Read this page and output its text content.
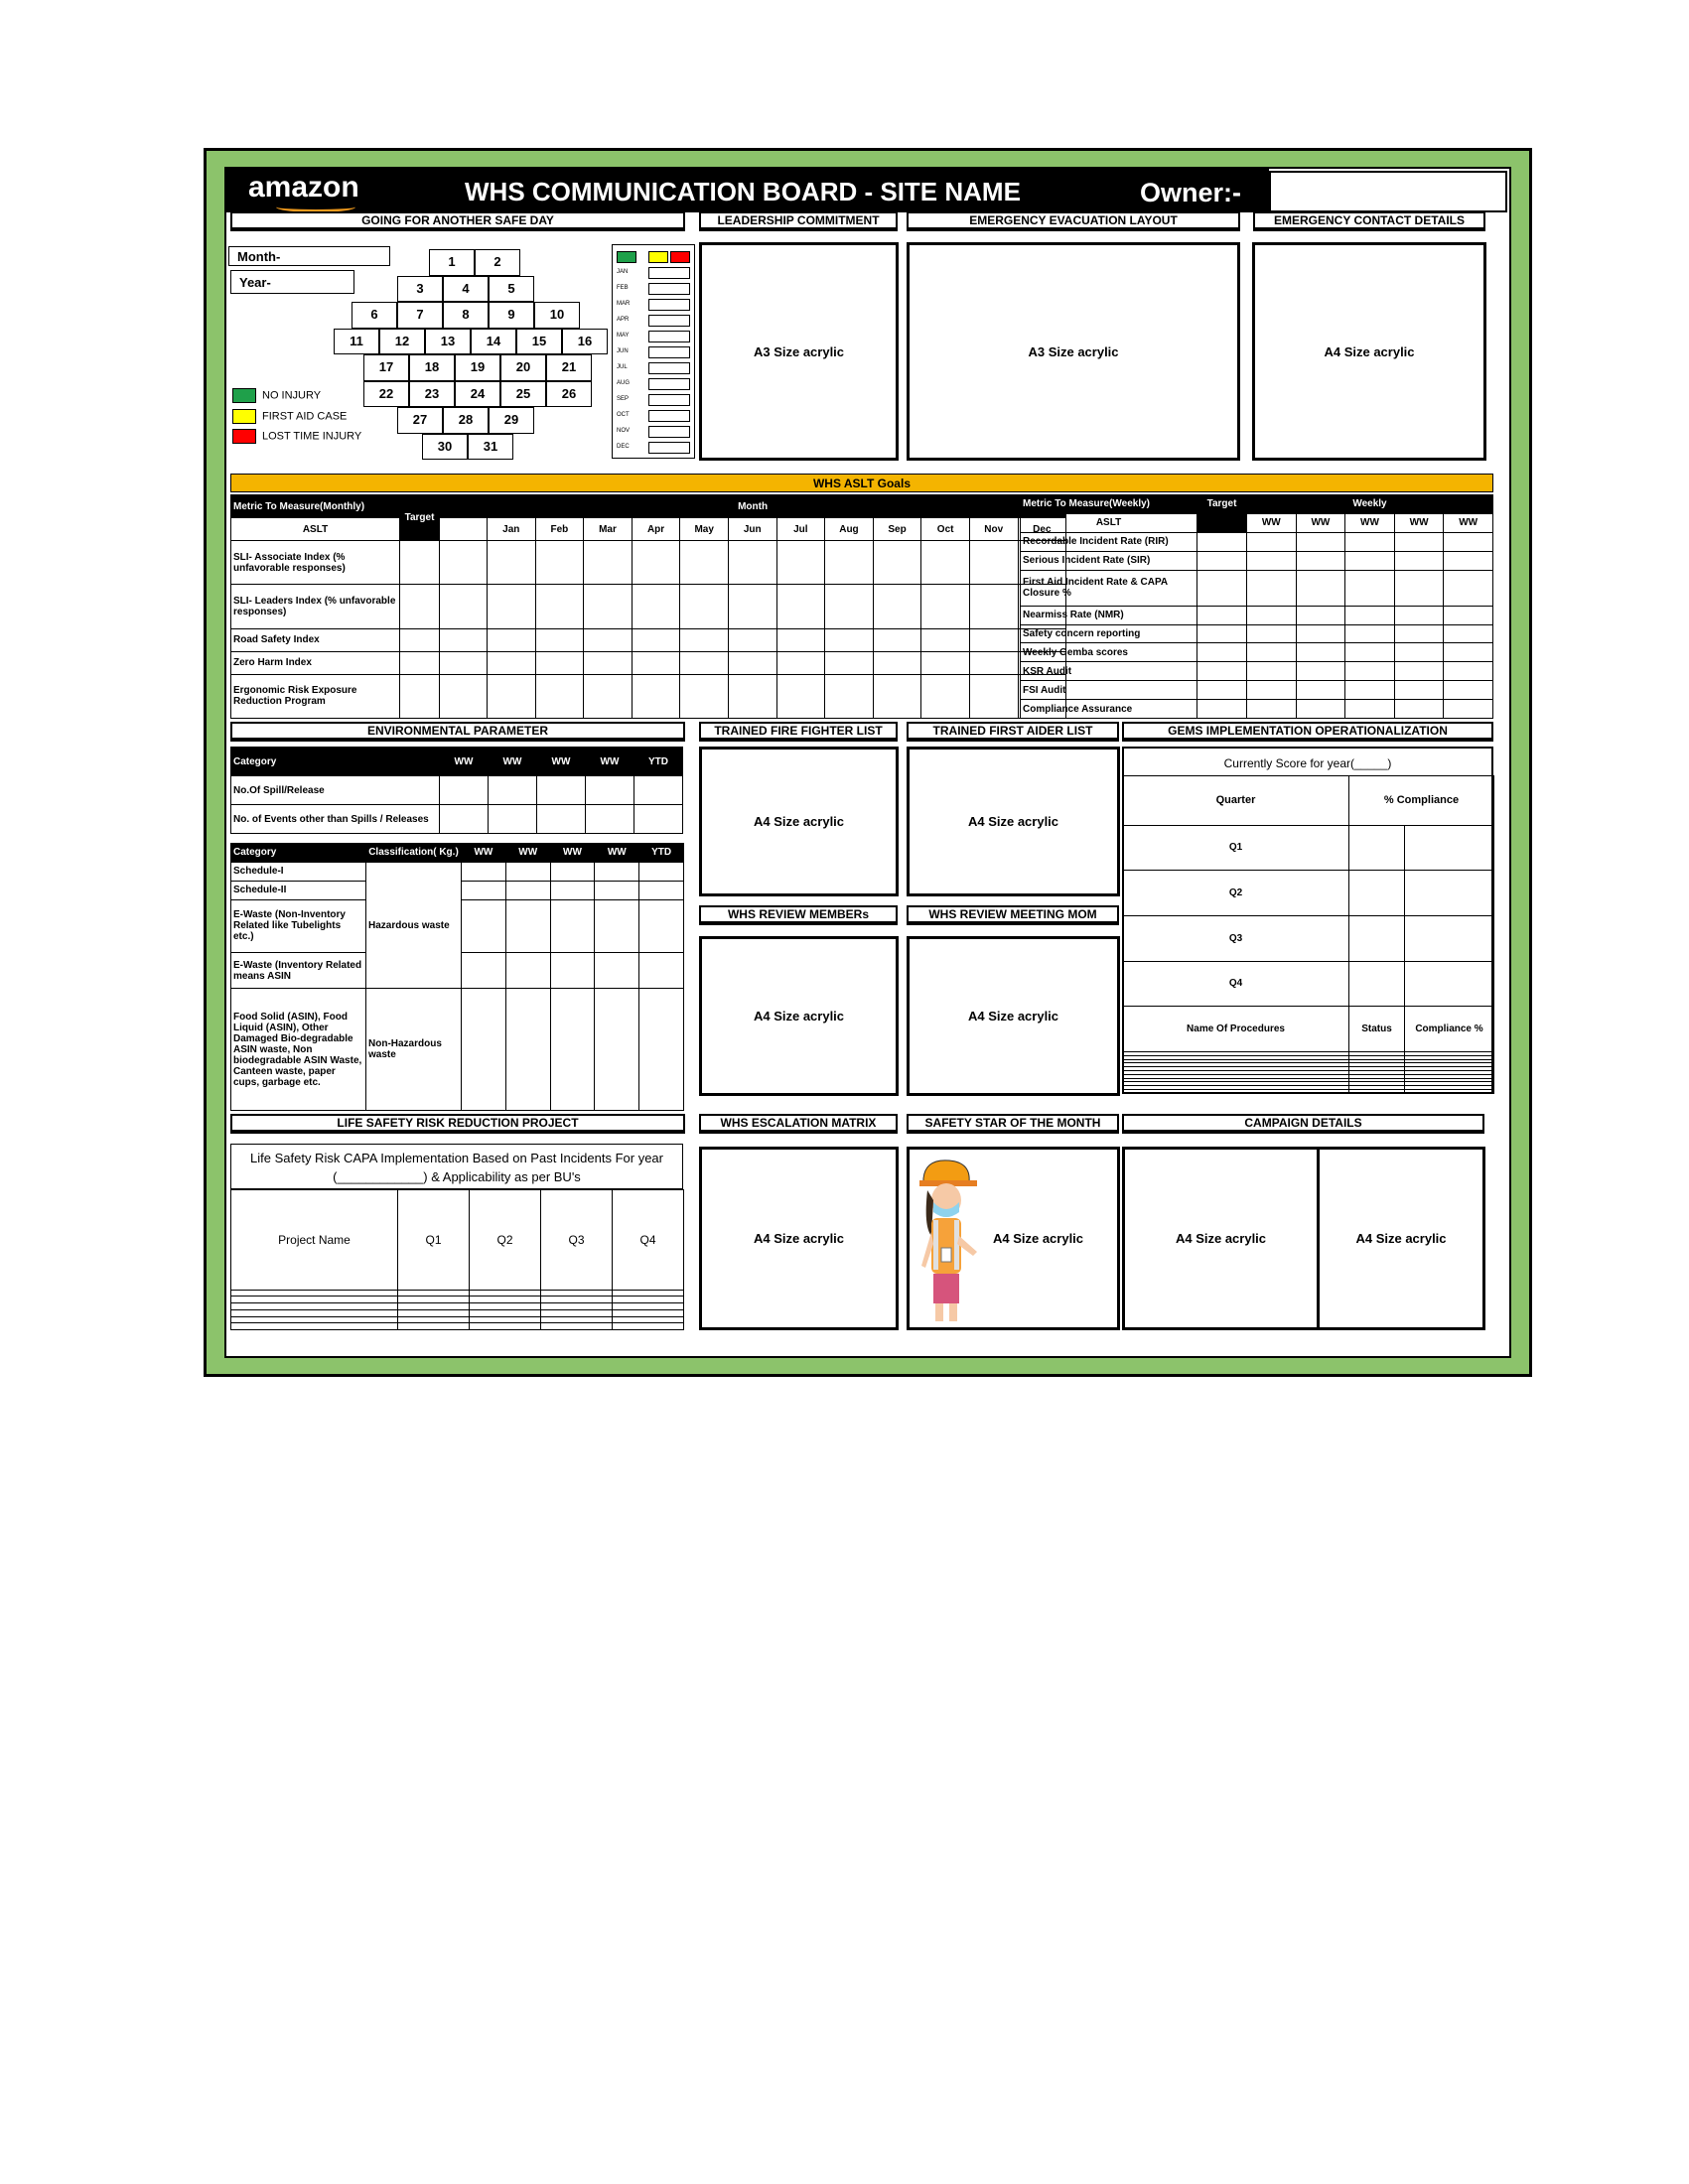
amazon	WHS COMMUNICATION BOARD - SITE NAME	Owner:-
GOING FOR ANOTHER SAFE DAY	LEADERSHIP COMMITMENT	EMERGENCY EVACUATION LAYOUT	EMERGENCY CONTACT DETAILS
Month-
Year-
1	2
3	4	5
6	7	8	9	10
11	12	13	14	15	16
17	18	19	20	21
22	23	24	25	26
27	28	29
30	31
NO INJURY
FIRST AID CASE
LOST TIME INJURY
JAN
FEB
MAR
APR
MAY
JUN
JUL
AUG
SEP
OCT
NOV
DEC
A3 Size acrylic	A3 Size acrylic	A4 Size acrylic
WHS ASLT Goals
Metric To Measure(Monthly)	Target	Month												
ASLT			Jan	Feb	Mar	Apr	May	Jun	Jul	Aug	Sep	Oct	Nov	Dec
SLI- Associate Index (% unfavorable responses)														
SLI- Leaders Index (% unfavorable responses)														
Road Safety Index														
Zero Harm Index														
Ergonomic Risk Exposure Reduction Program														
Metric To Measure(Weekly)	Target	Weekly				
ASLT		WW	WW	WW	WW	WW
Recordable Incident Rate (RIR)						
Serious Incident Rate (SIR)						
First Aid Incident Rate & CAPA Closure %						
Nearmiss Rate (NMR)						
Safety concern reporting						
Weekly Gemba scores						
KSR Audit						
FSI Audit						
Compliance Assurance						
ENVIRONMENTAL PARAMETER	TRAINED FIRE FIGHTER LIST	TRAINED FIRST AIDER LIST	GEMS IMPLEMENTATION OPERATIONALIZATION
Category	WW	WW	WW	WW	YTD
No.Of Spill/Release					
No. of Events other than Spills / Releases					
Category	Classification( Kg.)	WW	WW	WW	WW	YTD
Schedule-I	Hazardous waste					
Schedule-II						
E-Waste (Non-Inventory Related like Tubelights etc.)						
E-Waste (Inventory Related means ASIN						
Food Solid (ASIN), Food Liquid (ASIN), Other Damaged Bio-degradable ASIN waste, Non biodegradable ASIN Waste, Canteen waste, paper cups, garbage etc.	Non-Hazardous waste					
A4 Size acrylic	A4 Size acrylic
Currently Score for year(_____)
Quarter	% Compliance	
Q1		
Q2		
Q3		
Q4		
Name Of Procedures	Status	Compliance %

WHS REVIEW MEMBERs	WHS REVIEW MEETING MOM
A4 Size acrylic	A4 Size acrylic
LIFE SAFETY RISK REDUCTION PROJECT	WHS ESCALATION MATRIX	SAFETY STAR OF THE MONTH	CAMPAIGN DETAILS
Life Safety Risk CAPA Implementation Based on Past Incidents For year (____________) & Applicability as per BU's
Project Name	Q1	Q2	Q3	Q4

					A4 Size acrylic	A4 Size acrylic	A4 Size acrylic	A4 Size acrylic
